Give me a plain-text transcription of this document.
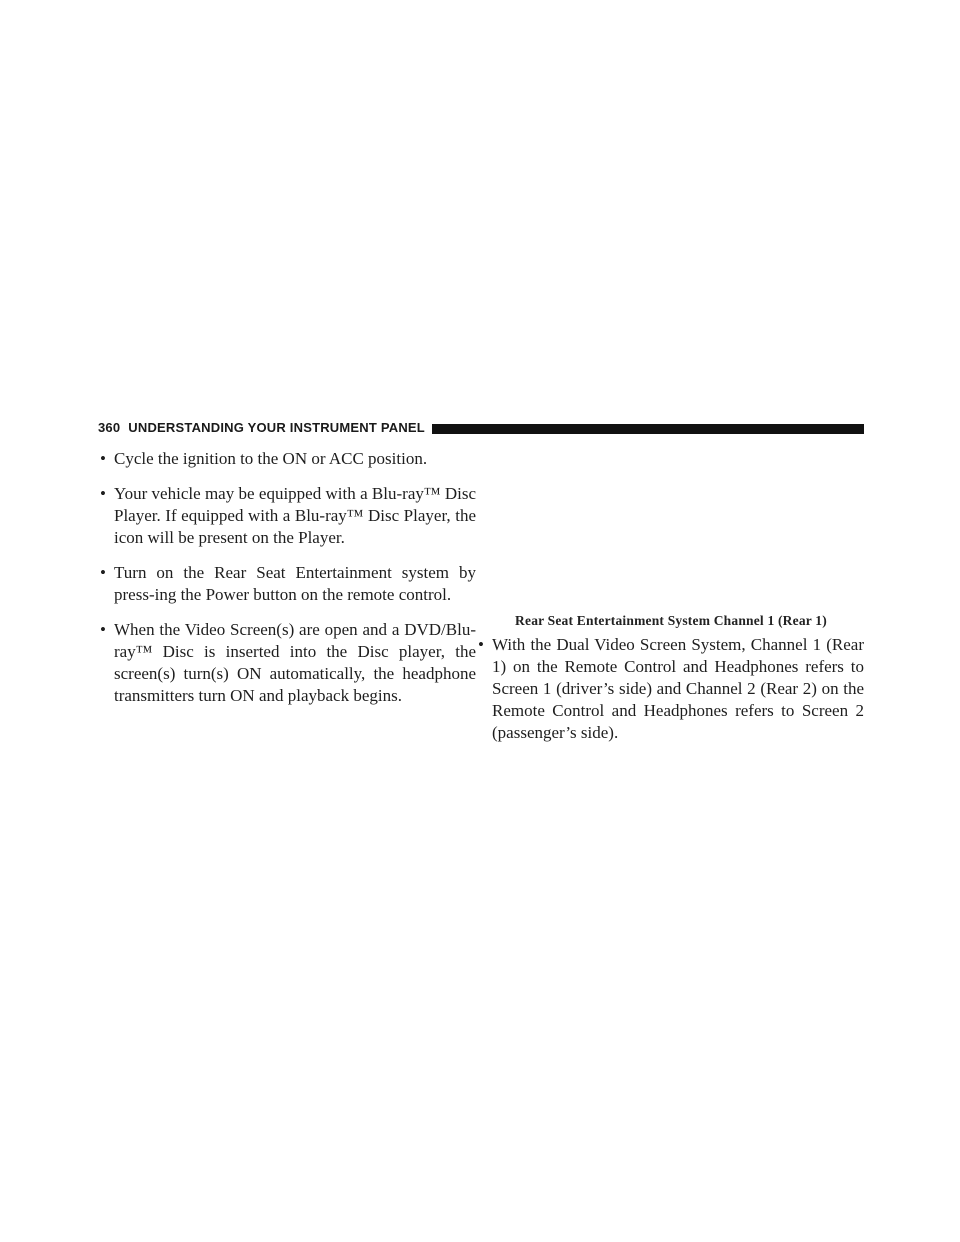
360 UNDERSTANDING YOUR INSTRUMENT PANEL
• Cycle the ignition to the ON or ACC position.
• Your vehicle may be equipped with a Blu-ray™ Disc Player. If equipped with a Blu-ray™ Disc Player, the icon will be present on the Player.
• Turn on the Rear Seat Entertainment system by press-ing the Power button on the remote control.
• When the Video Screen(s) are open and a DVD/Blu-ray™ Disc is inserted into the Disc player, the screen(s) turn(s) ON automatically, the headphone transmitters turn ON and playback begins.
Rear Seat Entertainment System Channel 1 (Rear 1)
• With the Dual Video Screen System, Channel 1 (Rear 1) on the Remote Control and Headphones refers to Screen 1 (driver’s side) and Channel 2 (Rear 2) on the Remote Control and Headphones refers to Screen 2 (passenger’s side).
